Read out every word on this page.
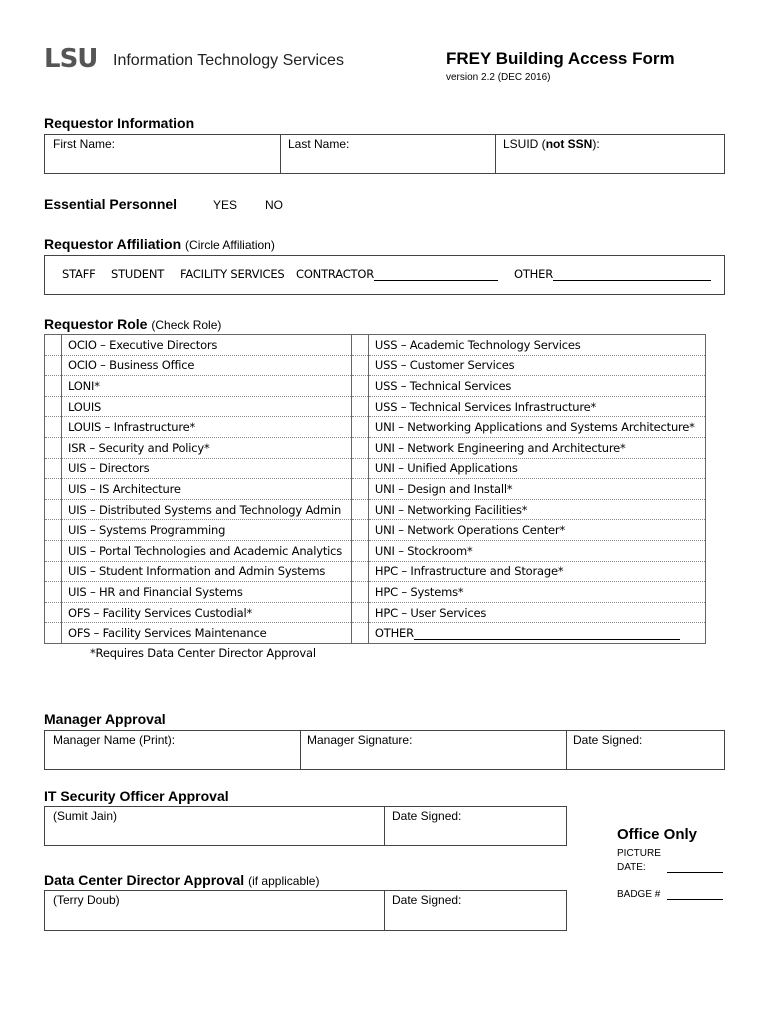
LSU Information Technology Services	FREY Building Access Form
version 2.2 (DEC 2016)
Requestor Information
First Name:	Last Name:	LSUID (not SSN):
Essential Personnel	YES NO
Requestor Affiliation (Circle Affiliation)
STAFF STUDENT FACILITY SERVICES CONTRACTOR	OTHER
Requestor Role (Check Role)
	OCIO – Executive Directors		USS – Academic Technology Services
	OCIO – Business Office		USS – Customer Services
	LONI*		USS – Technical Services
	LOUIS		USS – Technical Services Infrastructure*
	LOUIS – Infrastructure*		UNI – Networking Applications and Systems Architecture*
	ISR – Security and Policy*		UNI – Network Engineering and Architecture*
	UIS – Directors		UNI – Unified Applications
	UIS – IS Architecture		UNI – Design and Install*
	UIS – Distributed Systems and Technology Admin		UNI – Networking Facilities*
	UIS – Systems Programming		UNI – Network Operations Center*
	UIS – Portal Technologies and Academic Analytics		UNI – Stockroom*
	UIS – Student Information and Admin Systems		HPC – Infrastructure and Storage*
	UIS – HR and Financial Systems		HPC – Systems*
	OFS – Facility Services Custodial*		HPC – User Services
	OFS – Facility Services Maintenance		OTHER
*Requires Data Center Director Approval
Manager Approval
Manager Name (Print):	Manager Signature:	Date Signed:
IT Security Officer Approval
(Sumit Jain)	Date Signed:
Data Center Director Approval (if applicable)
(Terry Doub)	Date Signed:
Office Only
PICTURE
DATE:
BADGE #
